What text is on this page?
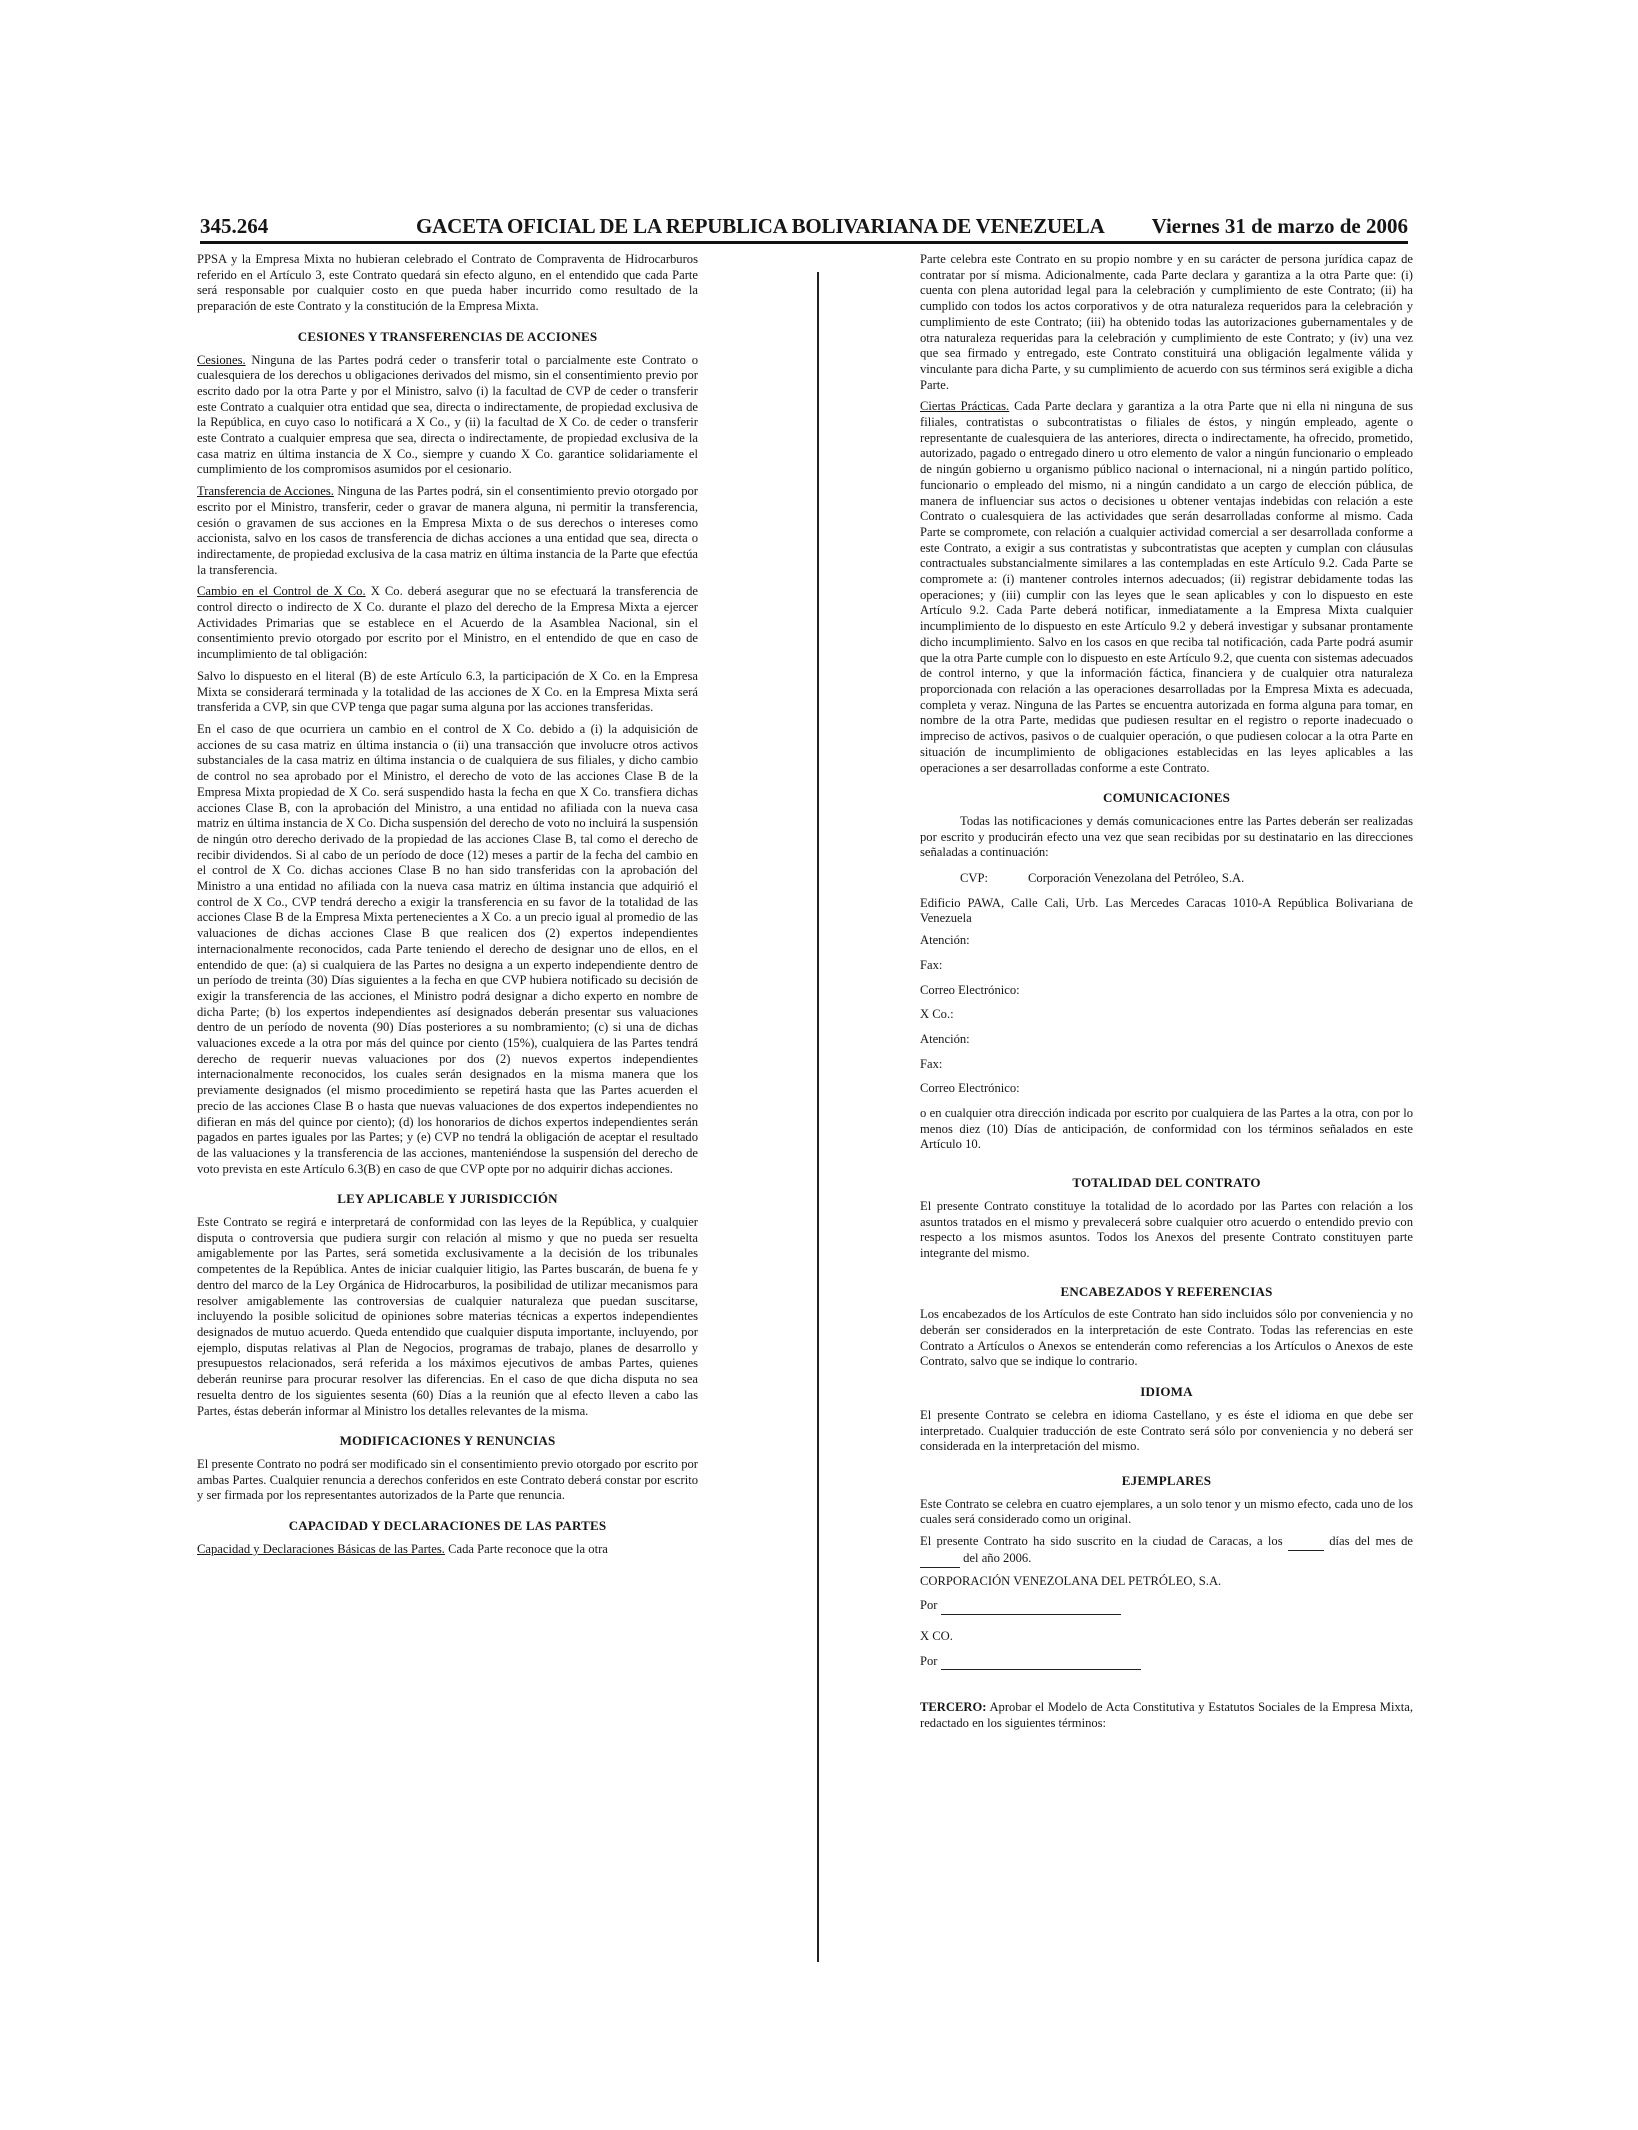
345.264	GACETA OFICIAL DE LA REPUBLICA BOLIVARIANA DE VENEZUELA Viernes 31 de marzo de 2006

PPSA y la Empresa Mixta no hubieran celebrado el Contrato de Compraventa de Hidrocarburos referido en el Artículo 3, este Contrato quedará sin efecto alguno, en el entendido que cada Parte será responsable por cualquier costo en que pueda haber incurrido como resultado de la preparación de este Contrato y la constitución de la Empresa Mixta.

CESIONES Y TRANSFERENCIAS DE ACCIONES

Cesiones. Ninguna de las Partes podrá ceder o transferir total o parcialmente este Contrato o cualesquiera de los derechos u obligaciones derivados del mismo, sin el consentimiento previo por escrito dado por la otra Parte y por el Ministro, salvo (i) la facultad de CVP de ceder o transferir este Contrato a cualquier otra entidad que sea, directa o indirectamente, de propiedad exclusiva de la República, en cuyo caso lo notificará a X Co., y (ii) la facultad de X Co. de ceder o transferir este Contrato a cualquier empresa que sea, directa o indirectamente, de propiedad exclusiva de la casa matriz en última instancia de X Co., siempre y cuando X Co. garantice solidariamente el cumplimiento de los compromisos asumidos por el cesionario.

Transferencia de Acciones. Ninguna de las Partes podrá, sin el consentimiento previo otorgado por escrito por el Ministro, transferir, ceder o gravar de manera alguna, ni permitir la transferencia, cesión o gravamen de sus acciones en la Empresa Mixta o de sus derechos o intereses como accionista, salvo en los casos de transferencia de dichas acciones a una entidad que sea, directa o indirectamente, de propiedad exclusiva de la casa matriz en última instancia de la Parte que efectúa la transferencia.

Cambio en el Control de X Co. X Co. deberá asegurar que no se efectuará la transferencia de control directo o indirecto de X Co. durante el plazo del derecho de la Empresa Mixta a ejercer Actividades Primarias que se establece en el Acuerdo de la Asamblea Nacional, sin el consentimiento previo otorgado por escrito por el Ministro, en el entendido de que en caso de incumplimiento de tal obligación:

Salvo lo dispuesto en el literal (B) de este Artículo 6.3, la participación de X Co. en la Empresa Mixta se considerará terminada y la totalidad de las acciones de X Co. en la Empresa Mixta será transferida a CVP, sin que CVP tenga que pagar suma alguna por las acciones transferidas.

En el caso de que ocurriera un cambio en el control de X Co. debido a (i) la adquisición de acciones de su casa matriz en última instancia o (ii) una transacción que involucre otros activos substanciales de la casa matriz en última instancia o de cualquiera de sus filiales, y dicho cambio de control no sea aprobado por el Ministro, el derecho de voto de las acciones Clase B de la Empresa Mixta propiedad de X Co. será suspendido hasta la fecha en que X Co. transfiera dichas acciones Clase B, con la aprobación del Ministro, a una entidad no afiliada con la nueva casa matriz en última instancia de X Co. Dicha suspensión del derecho de voto no incluirá la suspensión de ningún otro derecho derivado de la propiedad de las acciones Clase B, tal como el derecho de recibir dividendos. Si al cabo de un período de doce (12) meses a partir de la fecha del cambio en el control de X Co. dichas acciones Clase B no han sido transferidas con la aprobación del Ministro a una entidad no afiliada con la nueva casa matriz en última instancia que adquirió el control de X Co., CVP tendrá derecho a exigir la transferencia en su favor de la totalidad de las acciones Clase B de la Empresa Mixta pertenecientes a X Co. a un precio igual al promedio de las valuaciones de dichas acciones Clase B que realicen dos (2) expertos independientes internacionalmente reconocidos, cada Parte teniendo el derecho de designar uno de ellos, en el entendido de que: (a) si cualquiera de las Partes no designa a un experto independiente dentro de un período de treinta (30) Días siguientes a la fecha en que CVP hubiera notificado su decisión de exigir la transferencia de las acciones, el Ministro podrá designar a dicho experto en nombre de dicha Parte; (b) los expertos independientes así designados deberán presentar sus valuaciones dentro de un período de noventa (90) Días posteriores a su nombramiento; (c) si una de dichas valuaciones excede a la otra por más del quince por ciento (15%), cualquiera de las Partes tendrá derecho de requerir nuevas valuaciones por dos (2) nuevos expertos independientes internacionalmente reconocidos, los cuales serán designados en la misma manera que los previamente designados (el mismo procedimiento se repetirá hasta que las Partes acuerden el precio de las acciones Clase B o hasta que nuevas valuaciones de dos expertos independientes no difieran en más del quince por ciento); (d) los honorarios de dichos expertos independientes serán pagados en partes iguales por las Partes; y (e) CVP no tendrá la obligación de aceptar el resultado de las valuaciones y la transferencia de las acciones, manteniéndose la suspensión del derecho de voto prevista en este Artículo 6.3(B) en caso de que CVP opte por no adquirir dichas acciones.

LEY APLICABLE Y JURISDICCIÓN

Este Contrato se regirá e interpretará de conformidad con las leyes de la República, y cualquier disputa o controversia que pudiera surgir con relación al mismo y que no pueda ser resuelta amigablemente por las Partes, será sometida exclusivamente a la decisión de los tribunales competentes de la República. Antes de iniciar cualquier litigio, las Partes buscarán, de buena fe y dentro del marco de la Ley Orgánica de Hidrocarburos, la posibilidad de utilizar mecanismos para resolver amigablemente las controversias de cualquier naturaleza que puedan suscitarse, incluyendo la posible solicitud de opiniones sobre materias técnicas a expertos independientes designados de mutuo acuerdo. Queda entendido que cualquier disputa importante, incluyendo, por ejemplo, disputas relativas al Plan de Negocios, programas de trabajo, planes de desarrollo y presupuestos relacionados, será referida a los máximos ejecutivos de ambas Partes, quienes deberán reunirse para procurar resolver las diferencias. En el caso de que dicha disputa no sea resuelta dentro de los siguientes sesenta (60) Días a la reunión que al efecto lleven a cabo las Partes, éstas deberán informar al Ministro los detalles relevantes de la misma.

MODIFICACIONES Y RENUNCIAS

El presente Contrato no podrá ser modificado sin el consentimiento previo otorgado por escrito por ambas Partes. Cualquier renuncia a derechos conferidos en este Contrato deberá constar por escrito y ser firmada por los representantes autorizados de la Parte que renuncia.

CAPACIDAD Y DECLARACIONES DE LAS PARTES

Capacidad y Declaraciones Básicas de las Partes. Cada Parte reconoce que la otra

Parte celebra este Contrato en su propio nombre y en su carácter de persona jurídica capaz de contratar por sí misma. Adicionalmente, cada Parte declara y garantiza a la otra Parte que: (i) cuenta con plena autoridad legal para la celebración y cumplimiento de este Contrato; (ii) ha cumplido con todos los actos corporativos y de otra naturaleza requeridos para la celebración y cumplimiento de este Contrato; (iii) ha obtenido todas las autorizaciones gubernamentales y de otra naturaleza requeridas para la celebración y cumplimiento de este Contrato; y (iv) una vez que sea firmado y entregado, este Contrato constituirá una obligación legalmente válida y vinculante para dicha Parte, y su cumplimiento de acuerdo con sus términos será exigible a dicha Parte.

Ciertas Prácticas. Cada Parte declara y garantiza a la otra Parte que ni ella ni ninguna de sus filiales, contratistas o subcontratistas o filiales de éstos, y ningún empleado, agente o representante de cualesquiera de las anteriores, directa o indirectamente, ha ofrecido, prometido, autorizado, pagado o entregado dinero u otro elemento de valor a ningún funcionario o empleado de ningún gobierno u organismo público nacional o internacional, ni a ningún partido político, funcionario o empleado del mismo, ni a ningún candidato a un cargo de elección pública, de manera de influenciar sus actos o decisiones u obtener ventajas indebidas con relación a este Contrato o cualesquiera de las actividades que serán desarrolladas conforme al mismo. Cada Parte se compromete, con relación a cualquier actividad comercial a ser desarrollada conforme a este Contrato, a exigir a sus contratistas y subcontratistas que acepten y cumplan con cláusulas contractuales substancialmente similares a las contempladas en este Artículo 9.2. Cada Parte se compromete a: (i) mantener controles internos adecuados; (ii) registrar debidamente todas las operaciones; y (iii) cumplir con las leyes que le sean aplicables y con lo dispuesto en este Artículo 9.2. Cada Parte deberá notificar, inmediatamente a la Empresa Mixta cualquier incumplimiento de lo dispuesto en este Artículo 9.2 y deberá investigar y subsanar prontamente dicho incumplimiento. Salvo en los casos en que reciba tal notificación, cada Parte podrá asumir que la otra Parte cumple con lo dispuesto en este Artículo 9.2, que cuenta con sistemas adecuados de control interno, y que la información fáctica, financiera y de cualquier otra naturaleza proporcionada con relación a las operaciones desarrolladas por la Empresa Mixta es adecuada, completa y veraz. Ninguna de las Partes se encuentra autorizada en forma alguna para tomar, en nombre de la otra Parte, medidas que pudiesen resultar en el registro o reporte inadecuado o impreciso de activos, pasivos o de cualquier operación, o que pudiesen colocar a la otra Parte en situación de incumplimiento de obligaciones establecidas en las leyes aplicables a las operaciones a ser desarrolladas conforme a este Contrato.

COMUNICACIONES

Todas las notificaciones y demás comunicaciones entre las Partes deberán ser realizadas por escrito y producirán efecto una vez que sean recibidas por su destinatario en las direcciones señaladas a continuación:

CVP:	Corporación Venezolana del Petróleo, S.A.

Edificio PAWA, Calle Cali, Urb. Las Mercedes Caracas 1010-A República Bolivariana de Venezuela

Atención:

Fax:

Correo Electrónico:

X Co.:

Atención:

Fax:

Correo Electrónico:

o en cualquier otra dirección indicada por escrito por cualquiera de las Partes a la otra, con por lo menos diez (10) Días de anticipación, de conformidad con los términos señalados en este Artículo 10.

TOTALIDAD DEL CONTRATO

El presente Contrato constituye la totalidad de lo acordado por las Partes con relación a los asuntos tratados en el mismo y prevalecerá sobre cualquier otro acuerdo o entendido previo con respecto a los mismos asuntos. Todos los Anexos del presente Contrato constituyen parte integrante del mismo.

ENCABEZADOS Y REFERENCIAS

Los encabezados de los Artículos de este Contrato han sido incluidos sólo por conveniencia y no deberán ser considerados en la interpretación de este Contrato. Todas las referencias en este Contrato a Artículos o Anexos se entenderán como referencias a los Artículos o Anexos de este Contrato, salvo que se indique lo contrario.

IDIOMA

El presente Contrato se celebra en idioma Castellano, y es éste el idioma en que debe ser interpretado. Cualquier traducción de este Contrato será sólo por conveniencia y no deberá ser considerada en la interpretación del mismo.

EJEMPLARES

Este Contrato se celebra en cuatro ejemplares, a un solo tenor y un mismo efecto, cada uno de los cuales será considerado como un original.

El presente Contrato ha sido suscrito en la ciudad de Caracas, a los	días del mes de   del año 2006.

CORPORACIÓN VENEZOLANA DEL PETRÓLEO, S.A.

Por

X CO.

Por

TERCERO: Aprobar el Modelo de Acta Constitutiva y Estatutos Sociales de la Empresa Mixta, redactado en los siguientes términos:
